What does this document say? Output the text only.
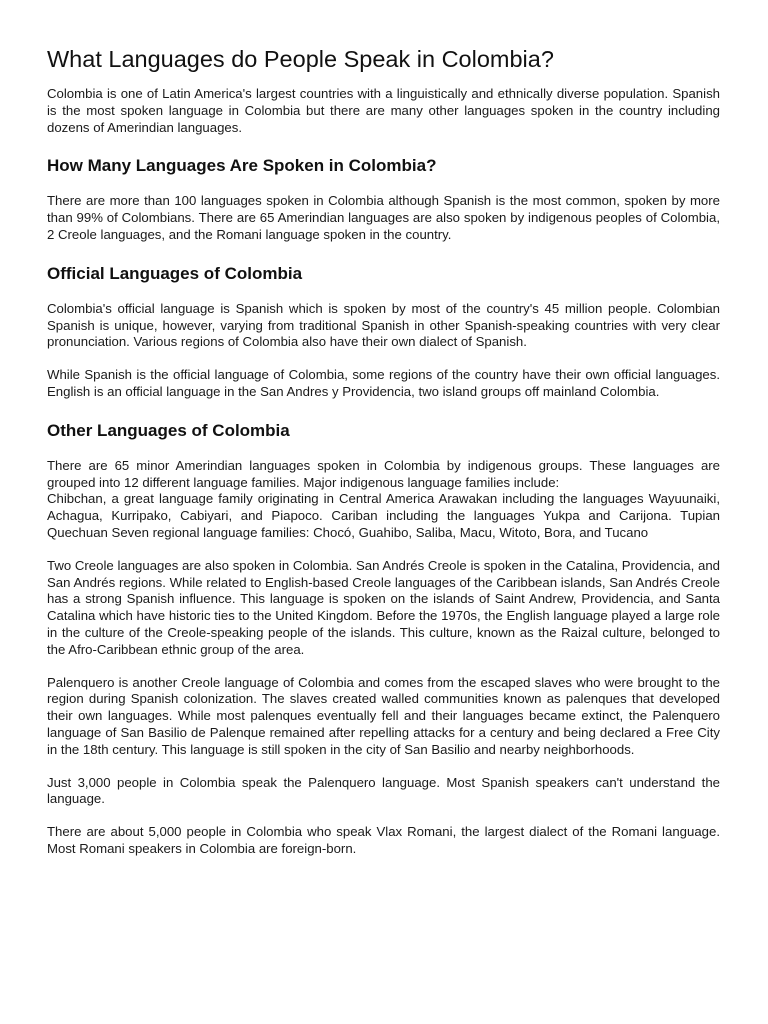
What Languages do People Speak in Colombia?

Colombia is one of Latin America's largest countries with a linguistically and ethnically diverse population. Spanish is the most spoken language in Colombia but there are many other languages spoken in the country including dozens of Amerindian languages.

How Many Languages Are Spoken in Colombia?

There are more than 100 languages spoken in Colombia although Spanish is the most common, spoken by more than 99% of Colombians. There are 65 Amerindian languages are also spoken by indigenous peoples of Colombia, 2 Creole languages, and the Romani language spoken in the country.

Official Languages of Colombia

Colombia's official language is Spanish which is spoken by most of the country's 45 million people. Colombian Spanish is unique, however, varying from traditional Spanish in other Spanish-speaking countries with very clear pronunciation. Various regions of Colombia also have their own dialect of Spanish.

While Spanish is the official language of Colombia, some regions of the country have their own official languages. English is an official language in the San Andres y Providencia, two island groups off mainland Colombia.

Other Languages of Colombia

There are 65 minor Amerindian languages spoken in Colombia by indigenous groups. These languages are grouped into 12 different language families. Major indigenous language families include:

Chibchan, a great language family originating in Central America Arawakan including the languages Wayuunaiki, Achagua, Kurripako, Cabiyari, and Piapoco. Cariban including the languages Yukpa and Carijona. Tupian Quechuan Seven regional language families: Chocó, Guahibo, Saliba, Macu, Witoto, Bora, and Tucano

Two Creole languages are also spoken in Colombia. San Andrés Creole is spoken in the Catalina, Providencia, and San Andrés regions. While related to English-based Creole languages of the Caribbean islands, San Andrés Creole has a strong Spanish influence. This language is spoken on the islands of Saint Andrew, Providencia, and Santa Catalina which have historic ties to the United Kingdom. Before the 1970s, the English language played a large role in the culture of the Creole-speaking people of the islands. This culture, known as the Raizal culture, belonged to the Afro-Caribbean ethnic group of the area.

Palenquero is another Creole language of Colombia and comes from the escaped slaves who were brought to the region during Spanish colonization. The slaves created walled communities known as palenques that developed their own languages. While most palenques eventually fell and their languages became extinct, the Palenquero language of San Basilio de Palenque remained after repelling attacks for a century and being declared a Free City in the 18th century. This language is still spoken in the city of San Basilio and nearby neighborhoods.

Just 3,000 people in Colombia speak the Palenquero language. Most Spanish speakers can't understand the language.

There are about 5,000 people in Colombia who speak Vlax Romani, the largest dialect of the Romani language. Most Romani speakers in Colombia are foreign-born.
